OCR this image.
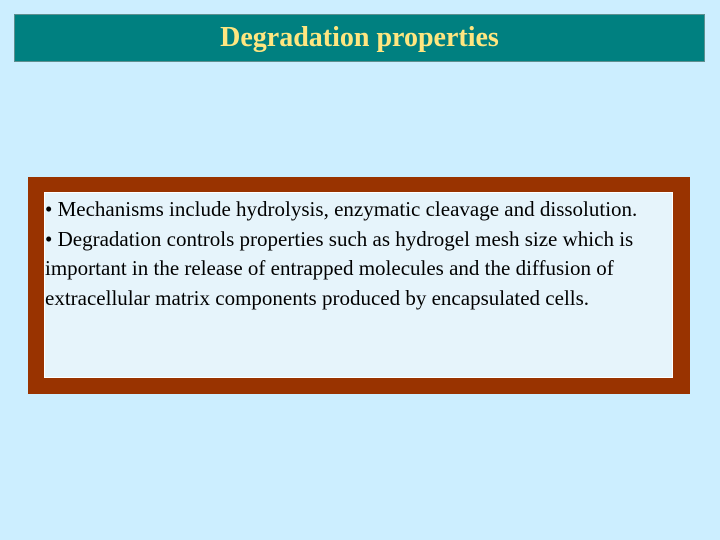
Degradation properties

• Mechanisms include hydrolysis, enzymatic cleavage and dissolution.

• Degradation controls properties such as hydrogel mesh size which is important in the release of entrapped molecules and the diffusion of extracellular matrix components produced by encapsulated cells.
